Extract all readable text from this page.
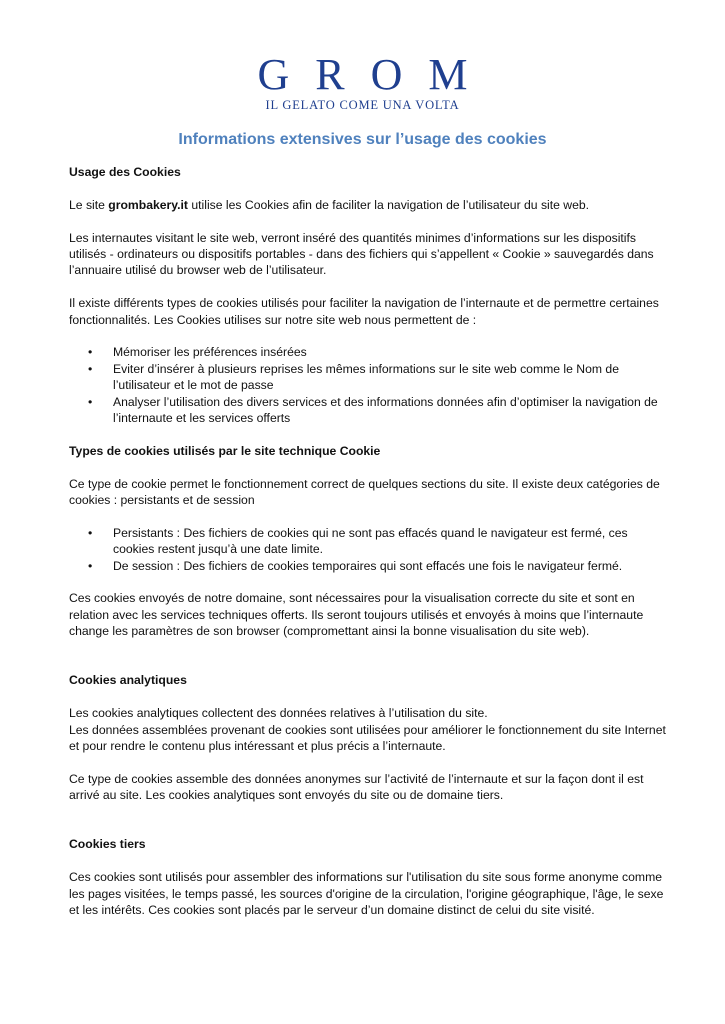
GROM
IL GELATO COME UNA VOLTA
Informations extensives sur l’usage des cookies
Usage des Cookies

Le site grombakery.it utilise les Cookies afin de faciliter la navigation de l’utilisateur du site web.

Les internautes visitant le site web, verront inséré des quantités minimes d’informations sur les dispositifs utilisés - ordinateurs ou dispositifs portables - dans des fichiers qui s’appellent « Cookie » sauvegardés dans l’annuaire utilisé du browser web de l’utilisateur.

Il existe différents types de cookies utilisés pour faciliter la navigation de l’internaute et de permettre certaines fonctionnalités. Les Cookies utilises sur notre site web nous permettent de :

• Mémoriser les préférences insérées
• Eviter d’insérer à plusieurs reprises les mêmes informations sur le site web comme le Nom de l’utilisateur et le mot de passe
• Analyser l’utilisation des divers services et des informations données afin d’optimiser la navigation de l’internaute et les services offerts
Types de cookies utilisés par le site technique Cookie

Ce type de cookie permet le fonctionnement correct de quelques sections du site. Il existe deux catégories de cookies : persistants et de session

• Persistants : Des fichiers de cookies qui ne sont pas effacés quand le navigateur est fermé, ces cookies restent jusqu’à une date limite.
• De session : Des fichiers de cookies temporaires qui sont effacés une fois le navigateur fermé.

Ces cookies envoyés de notre domaine, sont nécessaires pour la visualisation correcte du site et sont en relation avec les services techniques offerts. Ils seront toujours utilisés et envoyés à moins que l’internaute change les paramètres de son browser (compromettant ainsi la bonne visualisation du site web).

Cookies analytiques

Les cookies analytiques collectent des données relatives à l’utilisation du site.

Les données assemblées provenant de cookies sont utilisées pour améliorer le fonctionnement du site Internet et pour rendre le contenu plus intéressant et plus précis a l’internaute.

Ce type de cookies assemble des données anonymes sur l’activité de l’internaute et sur la façon dont il est arrivé au site. Les cookies analytiques sont envoyés du site ou de domaine tiers.

Cookies tiers

Ces cookies sont utilisés pour assembler des informations sur l'utilisation du site sous forme anonyme comme les pages visitées, le temps passé, les sources d'origine de la circulation, l'origine géographique, l'âge, le sexe et les intérêts. Ces cookies sont placés par le serveur d’un domaine distinct de celui du site visité.
